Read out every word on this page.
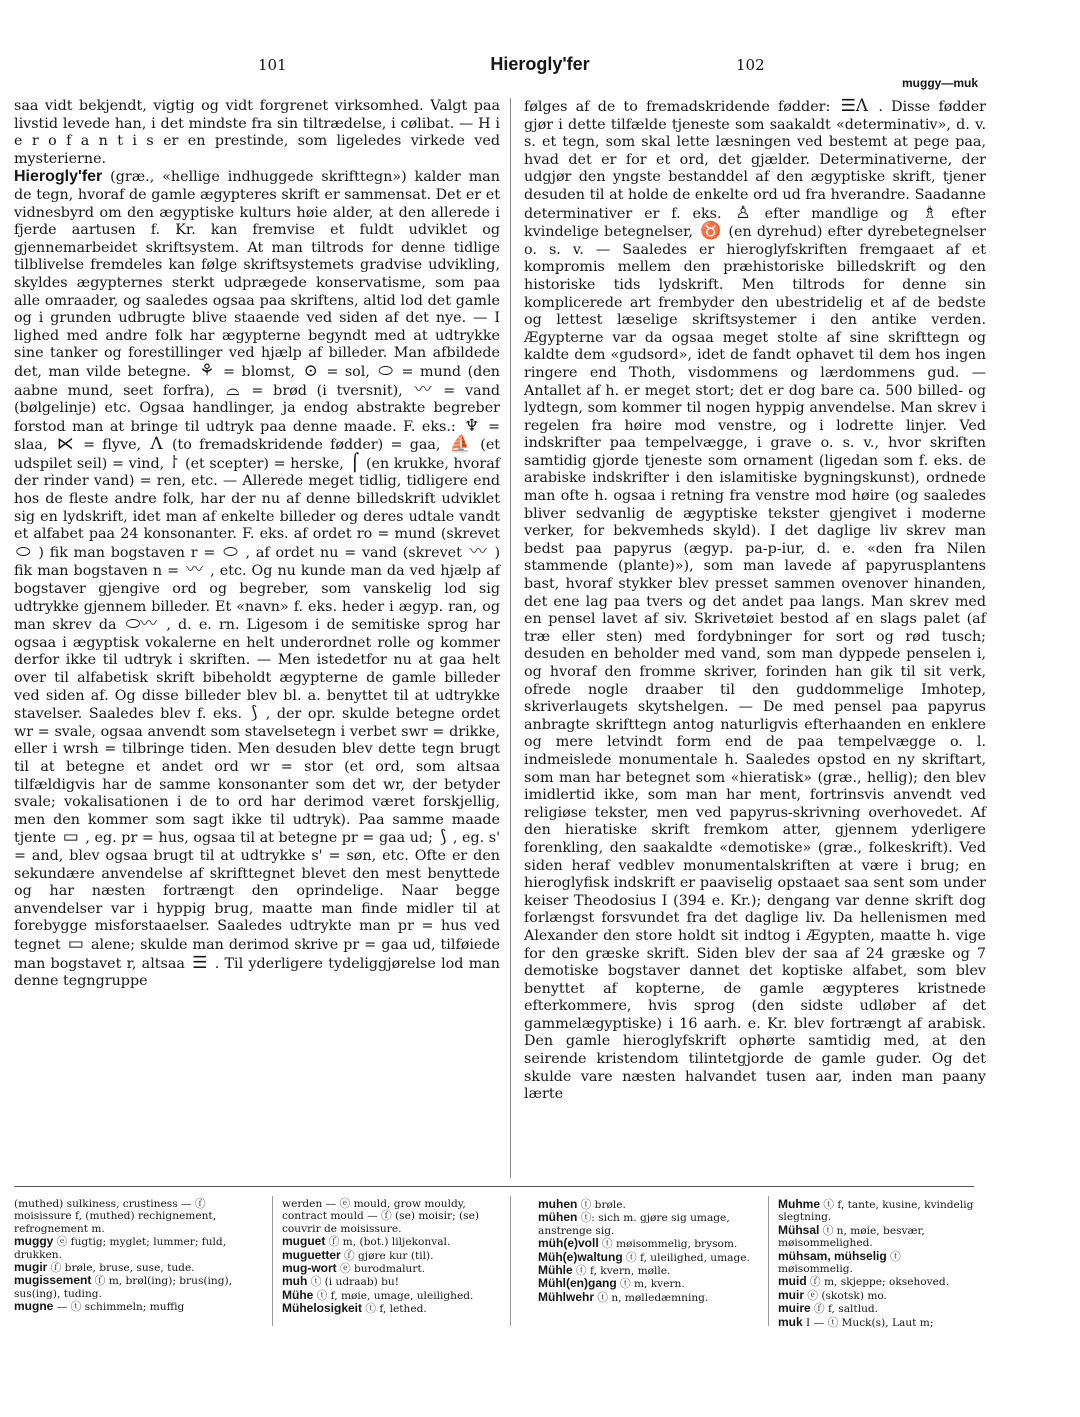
101	Hierogly'fer	102
muggy—muk

saa vidt bekjendt, vigtig og vidt forgrenet virksomhed. Valgt paa livstid levede han, i det mindste fra sin tiltrædelse, i cølibat. — H i e r o f a n t i s er en prestinde, som ligeledes virkede ved mysterierne.

Hierogly'fer (græ., «hellige indhuggede skrifttegn») kalder man de tegn, hvoraf de gamle ægypteres skrift er sammensat. Det er et vidnesbyrd om den ægyptiske kulturs høie alder, at den allerede i fjerde aartusen f. Kr. kan fremvise et fuldt udviklet og gjennemarbeidet skriftsystem. At man tiltrods for denne tidlige tilblivelse fremdeles kan følge skriftsystemets gradvise udvikling, skyldes ægypternes sterkt udprægede konservatisme, som paa alle omraader, og saaledes ogsaa paa skriftens, altid lod det gamle og i grunden udbrugte blive staaende ved siden af det nye. — I lighed med andre folk har ægypterne begyndt med at udtrykke sine tanker og forestillinger ved hjælp af billeder. Man afbildede det, man vilde betegne. ⚘ = blomst, ⊙ = sol, ⬭ = mund (den aabne mund, seet forfra), ⌓ = brød (i tversnit), 〰 = vand (bølgelinje) etc. Ogsaa handlinger, ja endog abstrakte begreber forstod man at bringe til udtryk paa denne maade. F. eks.: ♆ = slaa, ⋉ = flyve, Λ (to fremadskridende fødder) = gaa, ⛵ (et udspilet seil) = vind, ⸷ (et scepter) = herske, ⌠ (en krukke, hvoraf der rinder vand) = ren, etc. — Allerede meget tidlig, tidligere end hos de fleste andre folk, har der nu af denne billedskrift udviklet sig en lydskrift, idet man af enkelte billeder og deres udtale vandt et alfabet paa 24 konsonanter. F. eks. af ordet ro = mund (skrevet ⬭ ) fik man bogstaven r = ⬭ , af ordet nu = vand (skrevet 〰 ) fik man bogstaven n = 〰 , etc. Og nu kunde man da ved hjælp af bogstaver gjengive ord og begreber, som vanskelig lod sig udtrykke gjennem billeder. Et «navn» f. eks. heder i ægyp. ran, og man skrev da ⬭〰 , d. e. rn. Ligesom i de semitiske sprog har ogsaa i ægyptisk vokalerne en helt underordnet rolle og kommer derfor ikke til udtryk i skriften. — Men istedetfor nu at gaa helt over til alfabetisk skrift bibeholdt ægypterne de gamle billeder ved siden af. Og disse billeder blev bl. a. benyttet til at udtrykke stavelser. Saaledes blev f. eks. ⟆ , der opr. skulde betegne ordet wr = svale, ogsaa anvendt som stavelsetegn i verbet swr = drikke, eller i wrsh = tilbringe tiden. Men desuden blev dette tegn brugt til at betegne et andet ord wr = stor (et ord, som altsaa tilfældigvis har de samme konsonanter som det wr, der betyder svale; vokalisationen i de to ord har derimod været forskjellig, men den kommer som sagt ikke til udtryk). Paa samme maade tjente ▭ , eg. pr = hus, ogsaa til at betegne pr = gaa ud; ⟆ , eg. s' = and, blev ogsaa brugt til at udtrykke s' = søn, etc. Ofte er den sekundære anvendelse af skrifttegnet blevet den mest benyttede og har næsten fortrængt den oprindelige. Naar begge anvendelser var i hyppig brug, maatte man finde midler til at forebygge misforstaaelser. Saaledes udtrykte man pr = hus ved tegnet ▭ alene; skulde man derimod skrive pr = gaa ud, tilføiede man bogstavet r, altsaa ☰ . Til yderligere tydeliggjørelse lod man denne tegngruppe

følges af de to fremadskridende fødder: ☰Λ . Disse fødder gjør i dette tilfælde tjeneste som saakaldt «determinativ», d. v. s. et tegn, som skal lette læsningen ved bestemt at pege paa, hvad det er for et ord, det gjælder. Determinativerne, der udgjør den yngste bestanddel af den ægyptiske skrift, tjener desuden til at holde de enkelte ord ud fra hverandre. Saadanne determinativer er f. eks. ♙ efter mandlige og ♗ efter kvindelige betegnelser, ♉ (en dyrehud) efter dyrebetegnelser o. s. v. — Saaledes er hieroglyfskriften fremgaaet af et kompromis mellem den præhistoriske billedskrift og den historiske tids lydskrift. Men tiltrods for denne sin komplicerede art frembyder den ubestridelig et af de bedste og lettest læselige skriftsystemer i den antike verden. Ægypterne var da ogsaa meget stolte af sine skrifttegn og kaldte dem «gudsord», idet de fandt ophavet til dem hos ingen ringere end Thoth, visdommens og lærdommens gud. — Antallet af h. er meget stort; det er dog bare ca. 500 billed- og lydtegn, som kommer til nogen hyppig anvendelse. Man skrev i regelen fra høire mod venstre, og i lodrette linjer. Ved indskrifter paa tempelvægge, i grave o. s. v., hvor skriften samtidig gjorde tjeneste som ornament (ligedan som f. eks. de arabiske indskrifter i den islamitiske bygningskunst), ordnede man ofte h. ogsaa i retning fra venstre mod høire (og saaledes bliver sedvanlig de ægyptiske tekster gjengivet i moderne verker, for bekvemheds skyld). I det daglige liv skrev man bedst paa papyrus (ægyp. pa-p-iur, d. e. «den fra Nilen stammende (plante)»), som man lavede af papyrusplantens bast, hvoraf stykker blev presset sammen ovenover hinanden, det ene lag paa tvers og det andet paa langs. Man skrev med en pensel lavet af siv. Skrivetøiet bestod af en slags palet (af træ eller sten) med fordybninger for sort og rød tusch; desuden en beholder med vand, som man dyppede penselen i, og hvoraf den fromme skriver, forinden han gik til sit verk, ofrede nogle draaber til den guddommelige Imhotep, skriverlaugets skytshelgen. — De med pensel paa papyrus anbragte skrifttegn antog naturligvis efterhaanden en enklere og mere letvindt form end de paa tempelvægge o. l. indmeislede monumentale h. Saaledes opstod en ny skriftart, som man har betegnet som «hieratisk» (græ., hellig); den blev imidlertid ikke, som man har ment, fortrinsvis anvendt ved religiøse tekster, men ved papyrus-skrivning overhovedet. Af den hieratiske skrift fremkom atter, gjennem yderligere forenkling, den saakaldte «demotiske» (græ., folkeskrift). Ved siden heraf vedblev monumentalskriften at være i brug; en hieroglyfisk indskrift er paaviselig opstaaet saa sent som under keiser Theodosius I (394 e. Kr.); dengang var denne skrift dog forlængst forsvundet fra det daglige liv. Da hellenismen med Alexander den store holdt sit indtog i Ægypten, maatte h. vige for den græske skrift. Siden blev der saa af 24 græske og 7 demotiske bogstaver dannet det koptiske alfabet, som blev benyttet af kopterne, de gamle ægypteres kristnede efterkommere, hvis sprog (den sidste udløber af det gammelægyptiske) i 16 aarh. e. Kr. blev fortrængt af arabisk. Den gamle hieroglyfskrift ophørte samtidig med, at den seirende kristendom tilintetgjorde de gamle guder. Og det skulde vare næsten halvandet tusen aar, inden man paany lærte

(muthed) sulkiness, crustiness — ⓕ moisissure f, (muthed) rechignement, refrognement m.
muggy ⓔ fugtig; myglet; lummer; fuld, drukken.
mugir ⓕ brøle, bruse, suse, tude.
mugissement ⓕ m, brøl(ing); brus(ing), sus(ing), tuding.
mugne — ⓣ schimmeln; muffig
werden — ⓔ mould, grow mouldy, contract mould — ⓕ (se) moisir; (se) couvrir de moisissure.
muguet ⓕ m, (bot.) liljekonval.
muguetter ⓕ gjøre kur (til).
mug-wort ⓔ burodmalurt.
muh ⓣ (i udraab) bu!
Mühe ⓣ f, møie, umage, uleilighed.
Mühelosigkeit ⓣ f, lethed.
muhen ⓣ brøle.
mühen ⓣ: sich m. gjøre sig umage, anstrenge sig.
müh(e)voll ⓣ møisommelig, brysom.
Müh(e)waltung ⓣ f, uleilighed, umage.
Mühle ⓣ f, kvern, mølle.
Mühl(en)gang ⓣ m, kvern.
Mühlwehr ⓣ n, mølledæmning.
Muhme ⓣ f, tante, kusine, kvindelig slegtning.
Mühsal ⓣ n, møie, besvær, møisommelighed.
mühsam, mühselig ⓣ møisommelig.
muid ⓕ m, skjeppe; oksehoved.
muir ⓔ (skotsk) mo.
muire ⓕ f, saltlud.
muk I — ⓣ Muck(s), Laut m;
